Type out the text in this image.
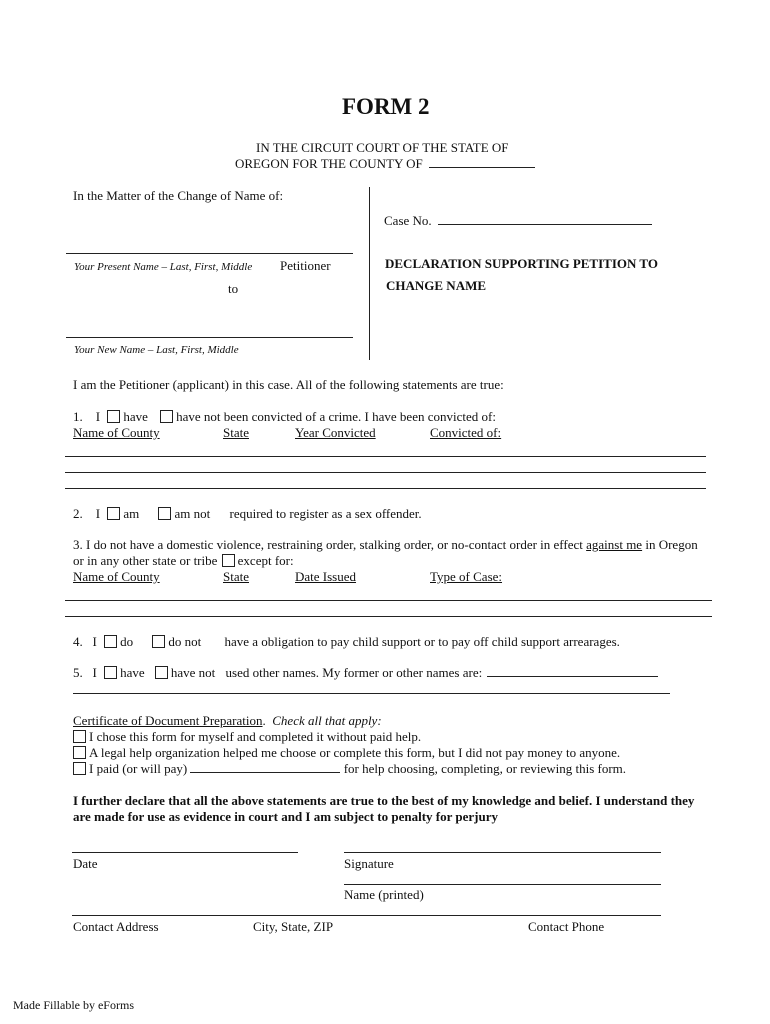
FORM 2
IN THE CIRCUIT COURT OF THE STATE OF
OREGON FOR THE COUNTY OF
In the Matter of the Change of Name of:
Case No.
Your Present Name – Last, First, Middle Petitioner
to
DECLARATION SUPPORTING PETITION TO
CHANGE NAME
Your New Name – Last, First, Middle
I am the Petitioner (applicant) in this case. All of the following statements are true:
1. I have have not been convicted of a crime. I have been convicted of:
Name of County	State	Year Convicted	Convicted of:
2. I am	am not required to register as a sex offender.
3. I do not have a domestic violence, restraining order, stalking order, or no-contact order in effect against me in Oregon
or in any other state or tribe except for:
Name of County	State	Date Issued	Type of Case:
4. I do	do not have a obligation to pay child support or to pay off child support arrearages.
5. I have have not used other names. My former or other names are:
Certificate of Document Preparation.  Check all that apply:
I chose this form for myself and completed it without paid help.
A legal help organization helped me choose or complete this form, but I did not pay money to anyone.
I paid (or will pay)	for help choosing, completing, or reviewing this form.
I further declare that all the above statements are true to the best of my knowledge and belief. I understand they
are made for use as evidence in court and I am subject to penalty for perjury
Date	Signature
Name (printed)
Contact Address	City, State, ZIP	Contact Phone
Made Fillable by eForms
